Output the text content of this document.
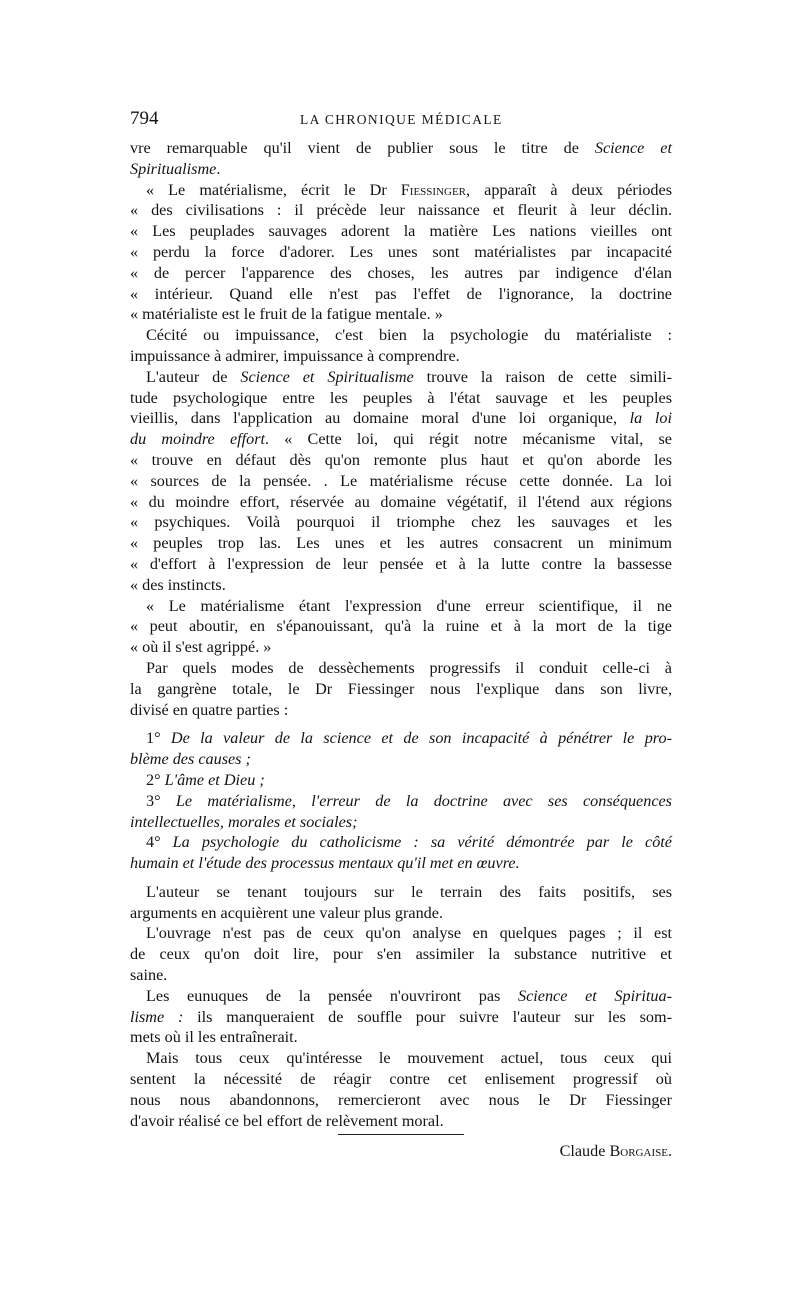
794	LA CHRONIQUE MÉDICALE
vre remarquable qu'il vient de publier sous le titre de Science et
Spiritualisme.
« Le matérialisme, écrit le Dr Fiessinger, apparaît à deux périodes
« des civilisations : il précède leur naissance et fleurit à leur déclin.
« Les peuplades sauvages adorent la matière Les nations vieilles ont
« perdu la force d'adorer. Les unes sont matérialistes par incapacité
« de percer l'apparence des choses, les autres par indigence d'élan
« intérieur. Quand elle n'est pas l'effet de l'ignorance, la doctrine
« matérialiste est le fruit de la fatigue mentale. »
Cécité ou impuissance, c'est bien la psychologie du matérialiste :
impuissance à admirer, impuissance à comprendre.
L'auteur de Science et Spiritualisme trouve la raison de cette simili-
tude psychologique entre les peuples à l'état sauvage et les peuples
vieillis, dans l'application au domaine moral d'une loi organique, la loi
du moindre effort. « Cette loi, qui régit notre mécanisme vital, se
« trouve en défaut dès qu'on remonte plus haut et qu'on aborde les
« sources de la pensée. . Le matérialisme récuse cette donnée. La loi
« du moindre effort, réservée au domaine végétatif, il l'étend aux régions
« psychiques. Voilà pourquoi il triomphe chez les sauvages et les
« peuples trop las. Les unes et les autres consacrent un minimum
« d'effort à l'expression de leur pensée et à la lutte contre la bassesse
« des instincts.
« Le matérialisme étant l'expression d'une erreur scientifique, il ne
« peut aboutir, en s'épanouissant, qu'à la ruine et à la mort de la tige
« où il s'est agrippé. »
Par quels modes de dessèchements progressifs il conduit celle-ci à
la gangrène totale, le Dr Fiessinger nous l'explique dans son livre,
divisé en quatre parties :
1° De la valeur de la science et de son incapacité à pénétrer le pro-
blème des causes ;
2° L'âme et Dieu ;
3° Le matérialisme, l'erreur de la doctrine avec ses conséquences
intellectuelles, morales et sociales;
4° La psychologie du catholicisme : sa vérité démontrée par le côté
humain et l'étude des processus mentaux qu'il met en œuvre.
L'auteur se tenant toujours sur le terrain des faits positifs, ses
arguments en acquièrent une valeur plus grande.
L'ouvrage n'est pas de ceux qu'on analyse en quelques pages ; il est
de ceux qu'on doit lire, pour s'en assimiler la substance nutritive et
saine.
Les eunuques de la pensée n'ouvriront pas Science et Spiritua-
lisme : ils manqueraient de souffle pour suivre l'auteur sur les som-
mets où il les entraînerait.
Mais tous ceux qu'intéresse le mouvement actuel, tous ceux qui
sentent la nécessité de réagir contre cet enlisement progressif où
nous nous abandonnons, remercieront avec nous le Dr Fiessinger
d'avoir réalisé ce bel effort de relèvement moral.
Claude Borgaise.
